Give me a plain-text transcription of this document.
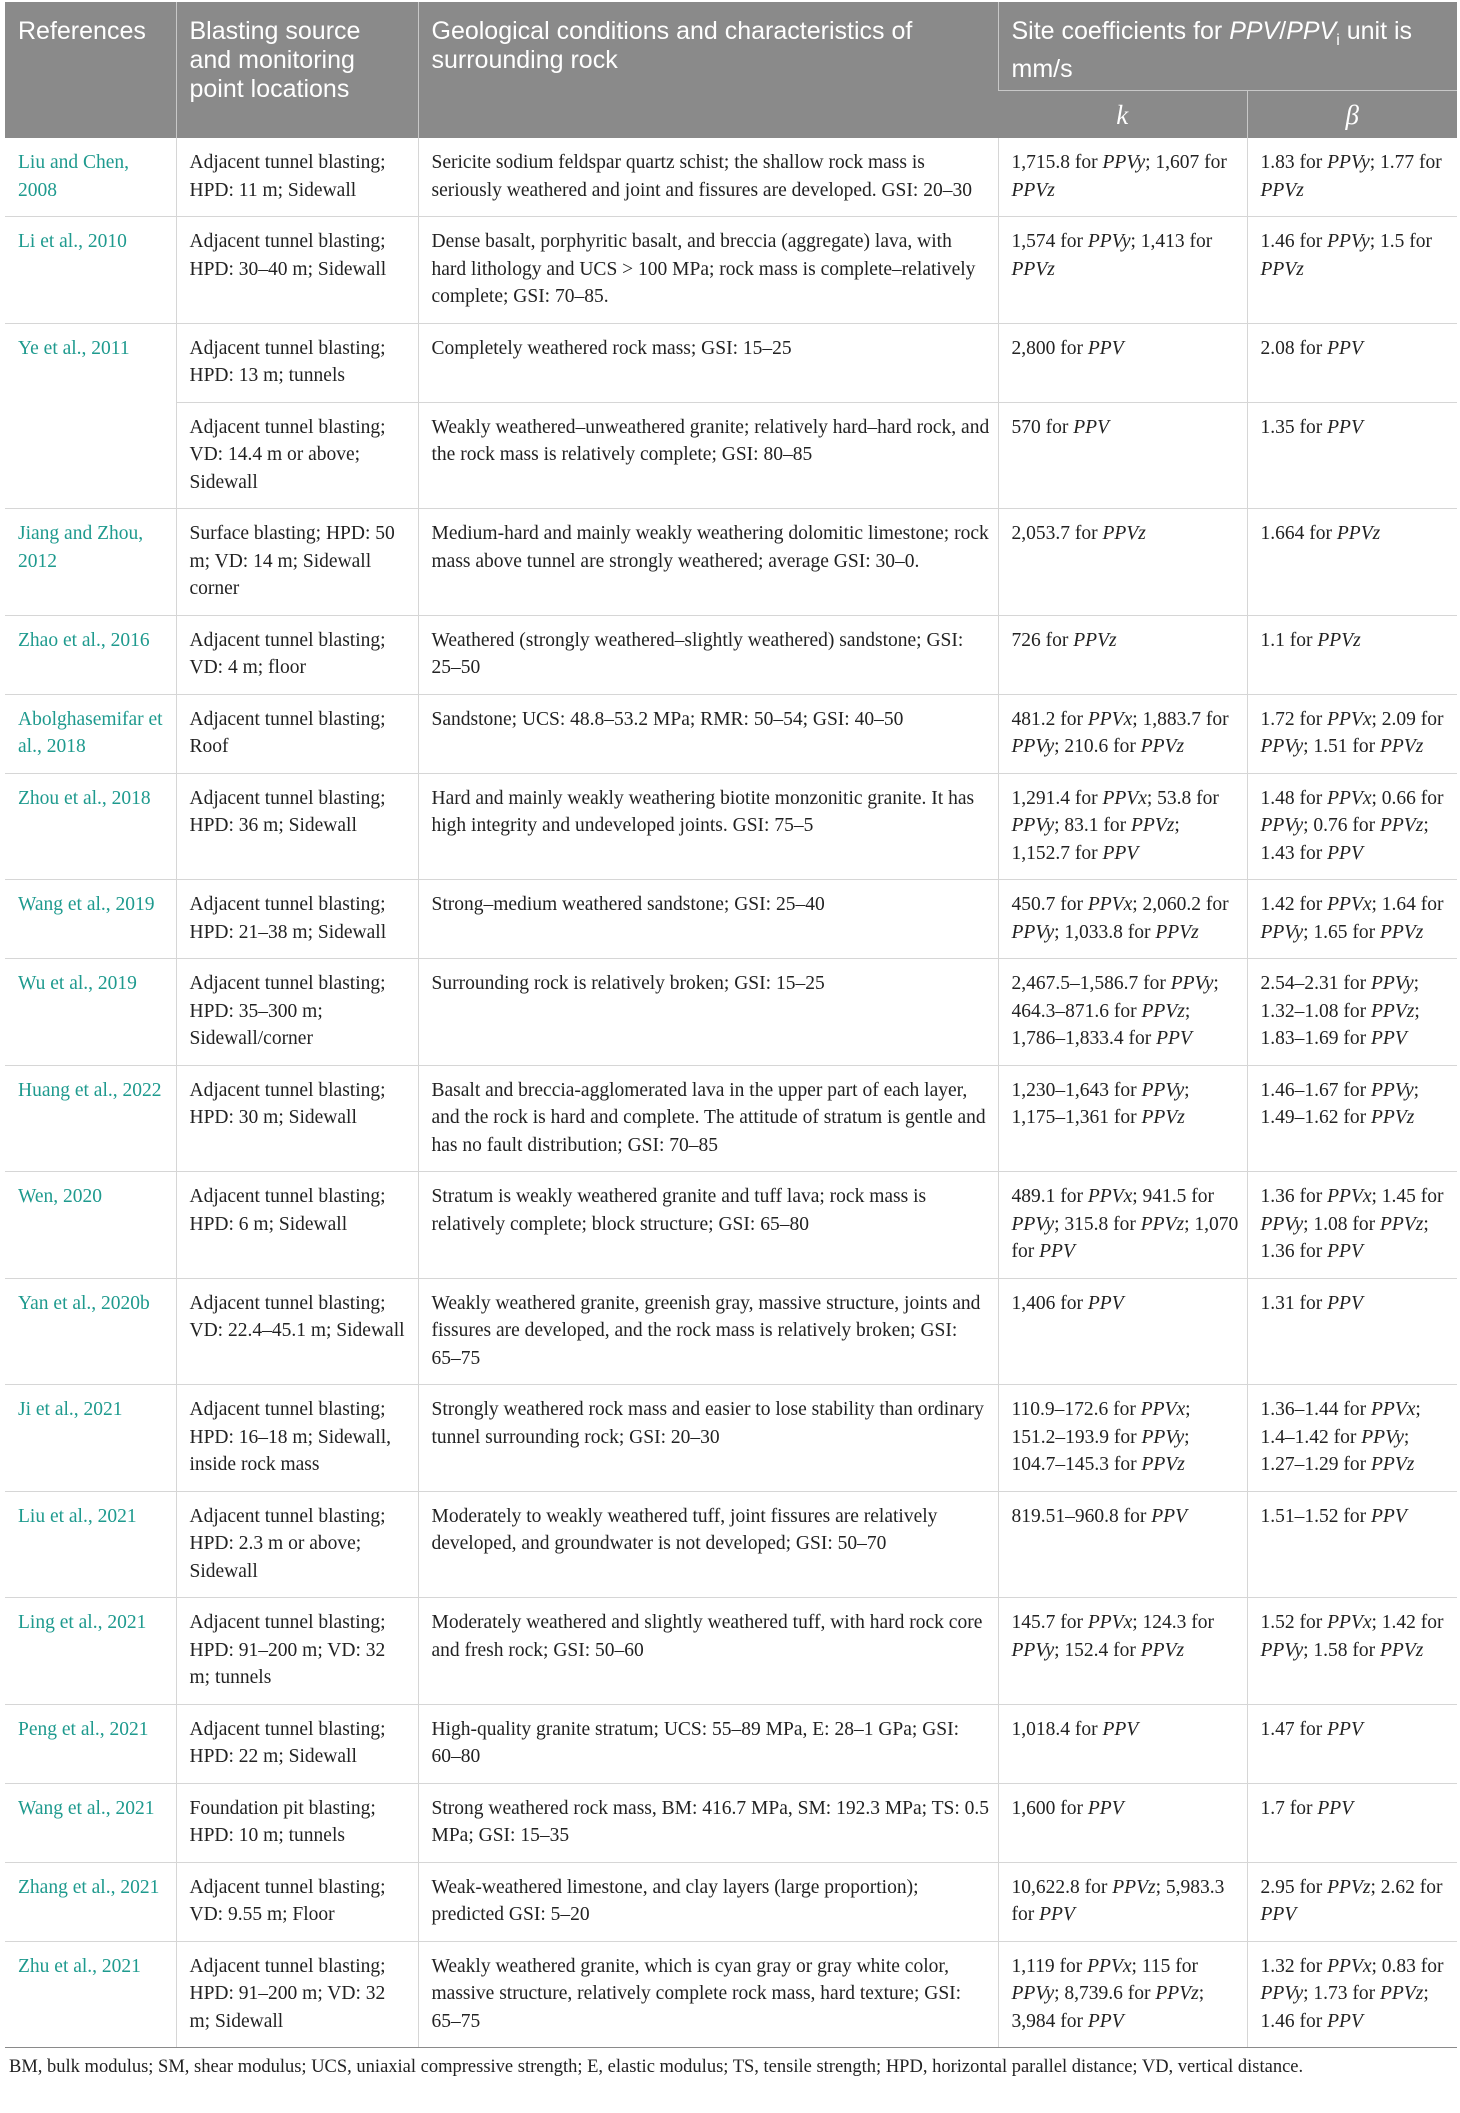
References	Blasting source and monitoring point locations	Geological conditions and characteristics of surrounding rock	Site coefficients for PPV/$PPV_i$ unit is mm/s	
			k	β
Liu and Chen, 2008	Adjacent tunnel blasting; HPD: 11 m; Sidewall	Sericite sodium feldspar quartz schist; the shallow rock mass is seriously weathered and joint and fissures are developed. GSI: 20–30	1,715.8 for PPVy; 1,607 for PPVz	1.83 for PPVy; 1.77 for PPVz
Li et al., 2010	Adjacent tunnel blasting; HPD: 30–40 m; Sidewall	Dense basalt, porphyritic basalt, and breccia (aggregate) lava, with hard lithology and UCS > 100 MPa; rock mass is complete–relatively complete; GSI: 70–85.	1,574 for PPVy; 1,413 for PPVz	1.46 for PPVy; 1.5 for PPVz
Ye et al., 2011	Adjacent tunnel blasting; HPD: 13 m; tunnels	Completely weathered rock mass; GSI: 15–25	2,800 for PPV	2.08 for PPV
	Adjacent tunnel blasting; VD: 14.4 m or above; Sidewall	Weakly weathered–unweathered granite; relatively hard–hard rock, and the rock mass is relatively complete; GSI: 80–85	570 for PPV	1.35 for PPV
Jiang and Zhou, 2012	Surface blasting; HPD: 50 m; VD: 14 m; Sidewall corner	Medium-hard and mainly weakly weathering dolomitic limestone; rock mass above tunnel are strongly weathered; average GSI: 30–0.	2,053.7 for PPVz	1.664 for PPVz
Zhao et al., 2016	Adjacent tunnel blasting; VD: 4 m; floor	Weathered (strongly weathered–slightly weathered) sandstone; GSI: 25–50	726 for PPVz	1.1 for PPVz
Abolghasemifar et al., 2018	Adjacent tunnel blasting; Roof	Sandstone; UCS: 48.8–53.2 MPa; RMR: 50–54; GSI: 40–50	481.2 for PPVx; 1,883.7 for PPVy; 210.6 for PPVz	1.72 for PPVx; 2.09 for PPVy; 1.51 for PPVz
Zhou et al., 2018	Adjacent tunnel blasting; HPD: 36 m; Sidewall	Hard and mainly weakly weathering biotite monzonitic granite. It has high integrity and undeveloped joints. GSI: 75–5	1,291.4 for PPVx; 53.8 for PPVy; 83.1 for PPVz; 1,152.7 for PPV	1.48 for PPVx; 0.66 for PPVy; 0.76 for PPVz; 1.43 for PPV
Wang et al., 2019	Adjacent tunnel blasting; HPD: 21–38 m; Sidewall	Strong–medium weathered sandstone; GSI: 25–40	450.7 for PPVx; 2,060.2 for PPVy; 1,033.8 for PPVz	1.42 for PPVx; 1.64 for PPVy; 1.65 for PPVz
Wu et al., 2019	Adjacent tunnel blasting; HPD: 35–300 m; Sidewall/corner	Surrounding rock is relatively broken; GSI: 15–25	2,467.5–1,586.7 for PPVy; 464.3–871.6 for PPVz; 1,786–1,833.4 for PPV	2.54–2.31 for PPVy; 1.32–1.08 for PPVz; 1.83–1.69 for PPV
Huang et al., 2022	Adjacent tunnel blasting; HPD: 30 m; Sidewall	Basalt and breccia-agglomerated lava in the upper part of each layer, and the rock is hard and complete. The attitude of stratum is gentle and has no fault distribution; GSI: 70–85	1,230–1,643 for PPVy; 1,175–1,361 for PPVz	1.46–1.67 for PPVy; 1.49–1.62 for PPVz
Wen, 2020	Adjacent tunnel blasting; HPD: 6 m; Sidewall	Stratum is weakly weathered granite and tuff lava; rock mass is relatively complete; block structure; GSI: 65–80	489.1 for PPVx; 941.5 for PPVy; 315.8 for PPVz; 1,070 for PPV	1.36 for PPVx; 1.45 for PPVy; 1.08 for PPVz; 1.36 for PPV
Yan et al., 2020b	Adjacent tunnel blasting; VD: 22.4–45.1 m; Sidewall	Weakly weathered granite, greenish gray, massive structure, joints and fissures are developed, and the rock mass is relatively broken; GSI: 65–75	1,406 for PPV	1.31 for PPV
Ji et al., 2021	Adjacent tunnel blasting; HPD: 16–18 m; Sidewall, inside rock mass	Strongly weathered rock mass and easier to lose stability than ordinary tunnel surrounding rock; GSI: 20–30	110.9–172.6 for PPVx; 151.2–193.9 for PPVy; 104.7–145.3 for PPVz	1.36–1.44 for PPVx; 1.4–1.42 for PPVy; 1.27–1.29 for PPVz
Liu et al., 2021	Adjacent tunnel blasting; HPD: 2.3 m or above; Sidewall	Moderately to weakly weathered tuff, joint fissures are relatively developed, and groundwater is not developed; GSI: 50–70	819.51–960.8 for PPV	1.51–1.52 for PPV
Ling et al., 2021	Adjacent tunnel blasting; HPD: 91–200 m; VD: 32 m; tunnels	Moderately weathered and slightly weathered tuff, with hard rock core and fresh rock; GSI: 50–60	145.7 for PPVx; 124.3 for PPVy; 152.4 for PPVz	1.52 for PPVx; 1.42 for PPVy; 1.58 for PPVz
Peng et al., 2021	Adjacent tunnel blasting; HPD: 22 m; Sidewall	High-quality granite stratum; UCS: 55–89 MPa, E: 28–1 GPa; GSI: 60–80	1,018.4 for PPV	1.47 for PPV
Wang et al., 2021	Foundation pit blasting; HPD: 10 m; tunnels	Strong weathered rock mass, BM: 416.7 MPa, SM: 192.3 MPa; TS: 0.5 MPa; GSI: 15–35	1,600 for PPV	1.7 for PPV
Zhang et al., 2021	Adjacent tunnel blasting; VD: 9.55 m; Floor	Weak-weathered limestone, and clay layers (large proportion); predicted GSI: 5–20	10,622.8 for PPVz; 5,983.3 for PPV	2.95 for PPVz; 2.62 for PPV
Zhu et al., 2021	Adjacent tunnel blasting; HPD: 91–200 m; VD: 32 m; Sidewall	Weakly weathered granite, which is cyan gray or gray white color, massive structure, relatively complete rock mass, hard texture; GSI: 65–75	1,119 for PPVx; 115 for PPVy; 8,739.6 for PPVz; 3,984 for PPV	1.32 for PPVx; 0.83 for PPVy; 1.73 for PPVz; 1.46 for PPV
BM, bulk modulus; SM, shear modulus; UCS, uniaxial compressive strength; E, elastic modulus; TS, tensile strength; HPD, horizontal parallel distance; VD, vertical distance.
